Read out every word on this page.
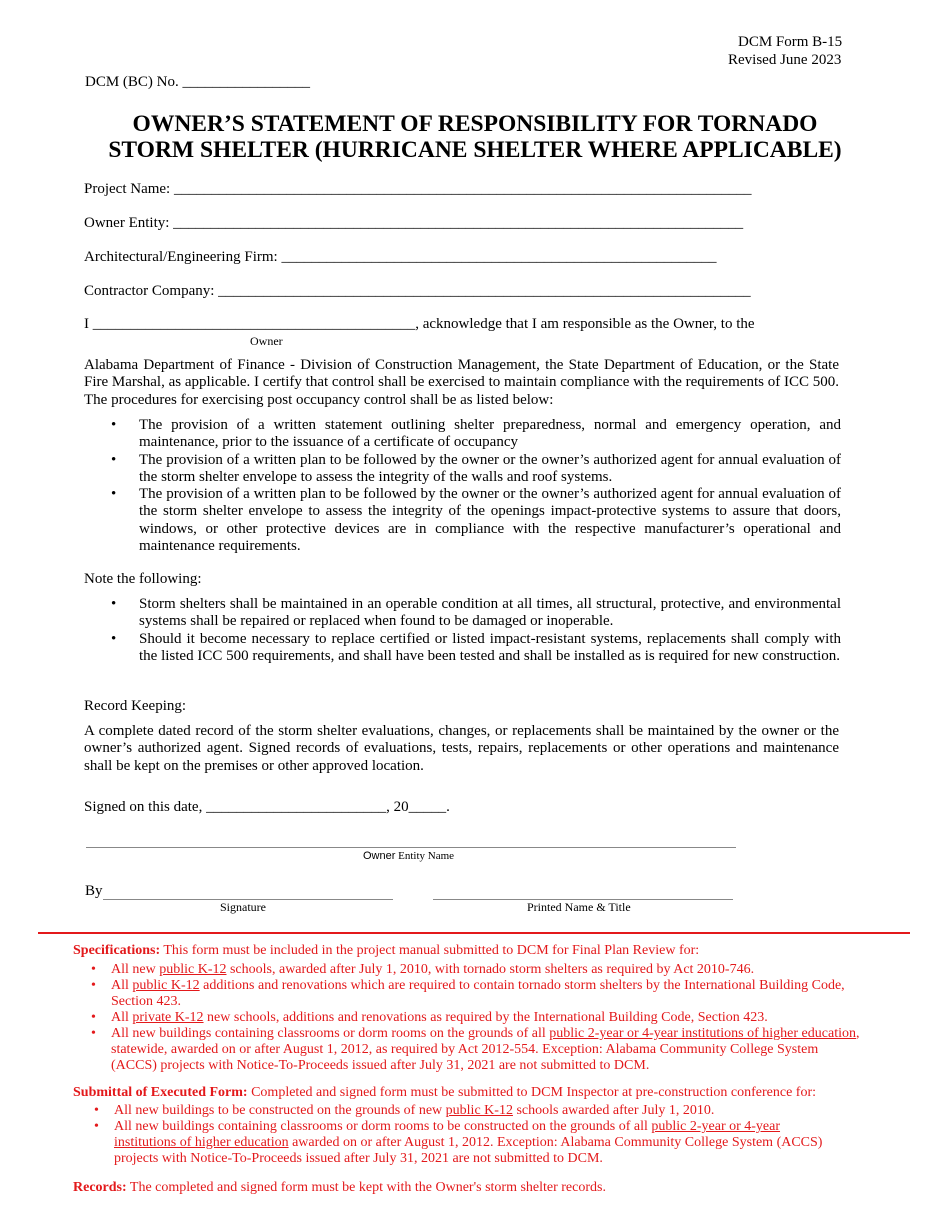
DCM Form B-15
Revised June 2023
DCM (BC) No. _________________
OWNER’S STATEMENT OF RESPONSIBILITY FOR TORNADO
STORM SHELTER (HURRICANE SHELTER WHERE APPLICABLE)
Project Name: _____________________________________________________________________________
Owner Entity: ____________________________________________________________________________
Architectural/Engineering Firm: __________________________________________________________
Contractor Company: _______________________________________________________________________
I ___________________________________________, acknowledge that I am responsible as the Owner, to the
Owner
Alabama Department of Finance - Division of Construction Management, the State Department of Education, or the State Fire Marshal, as applicable. I certify that control shall be exercised to maintain compliance with the requirements of ICC 500. The procedures for exercising post occupancy control shall be as listed below:
• The provision of a written statement outlining shelter preparedness, normal and emergency operation, and maintenance, prior to the issuance of a certificate of occupancy
• The provision of a written plan to be followed by the owner or the owner’s authorized agent for annual evaluation of the storm shelter envelope to assess the integrity of the walls and roof systems.
• The provision of a written plan to be followed by the owner or the owner’s authorized agent for annual evaluation of the storm shelter envelope to assess the integrity of the openings impact-protective systems to assure that doors, windows, or other protective devices are in compliance with the respective manufacturer’s operational and maintenance requirements.
Note the following:
• Storm shelters shall be maintained in an operable condition at all times, all structural, protective, and environmental systems shall be repaired or replaced when found to be damaged or inoperable.
• Should it become necessary to replace certified or listed impact-resistant systems, replacements shall comply with the listed ICC 500 requirements, and shall have been tested and shall be installed as is required for new construction.
Record Keeping:
A complete dated record of the storm shelter evaluations, changes, or replacements shall be maintained by the owner or the owner’s authorized agent. Signed records of evaluations, tests, repairs, replacements or other operations and maintenance shall be kept on the premises or other approved location.
Signed on this date, ________________________, 20_____.
Owner Entity Name
By
Signature	Printed Name & Title
Specifications: This form must be included in the project manual submitted to DCM for Final Plan Review for:
• All new public K-12 schools, awarded after July 1, 2010, with tornado storm shelters as required by Act 2010-746.
• All public K-12 additions and renovations which are required to contain tornado storm shelters by the International Building Code, Section 423.
• All private K-12 new schools, additions and renovations as required by the International Building Code, Section 423.
• All new buildings containing classrooms or dorm rooms on the grounds of all public 2-year or 4-year institutions of higher education, statewide, awarded on or after August 1, 2012, as required by Act 2012-554. Exception: Alabama Community College System (ACCS) projects with Notice-To-Proceeds issued after July 31, 2021 are not submitted to DCM.
Submittal of Executed Form: Completed and signed form must be submitted to DCM Inspector at pre-construction conference for:
• All new buildings to be constructed on the grounds of new public K-12 schools awarded after July 1, 2010.
• All new buildings containing classrooms or dorm rooms to be constructed on the grounds of all public 2-year or 4-year institutions of higher education awarded on or after August 1, 2012. Exception: Alabama Community College System (ACCS) projects with Notice-To-Proceeds issued after July 31, 2021 are not submitted to DCM.
Records: The completed and signed form must be kept with the Owner's storm shelter records.
